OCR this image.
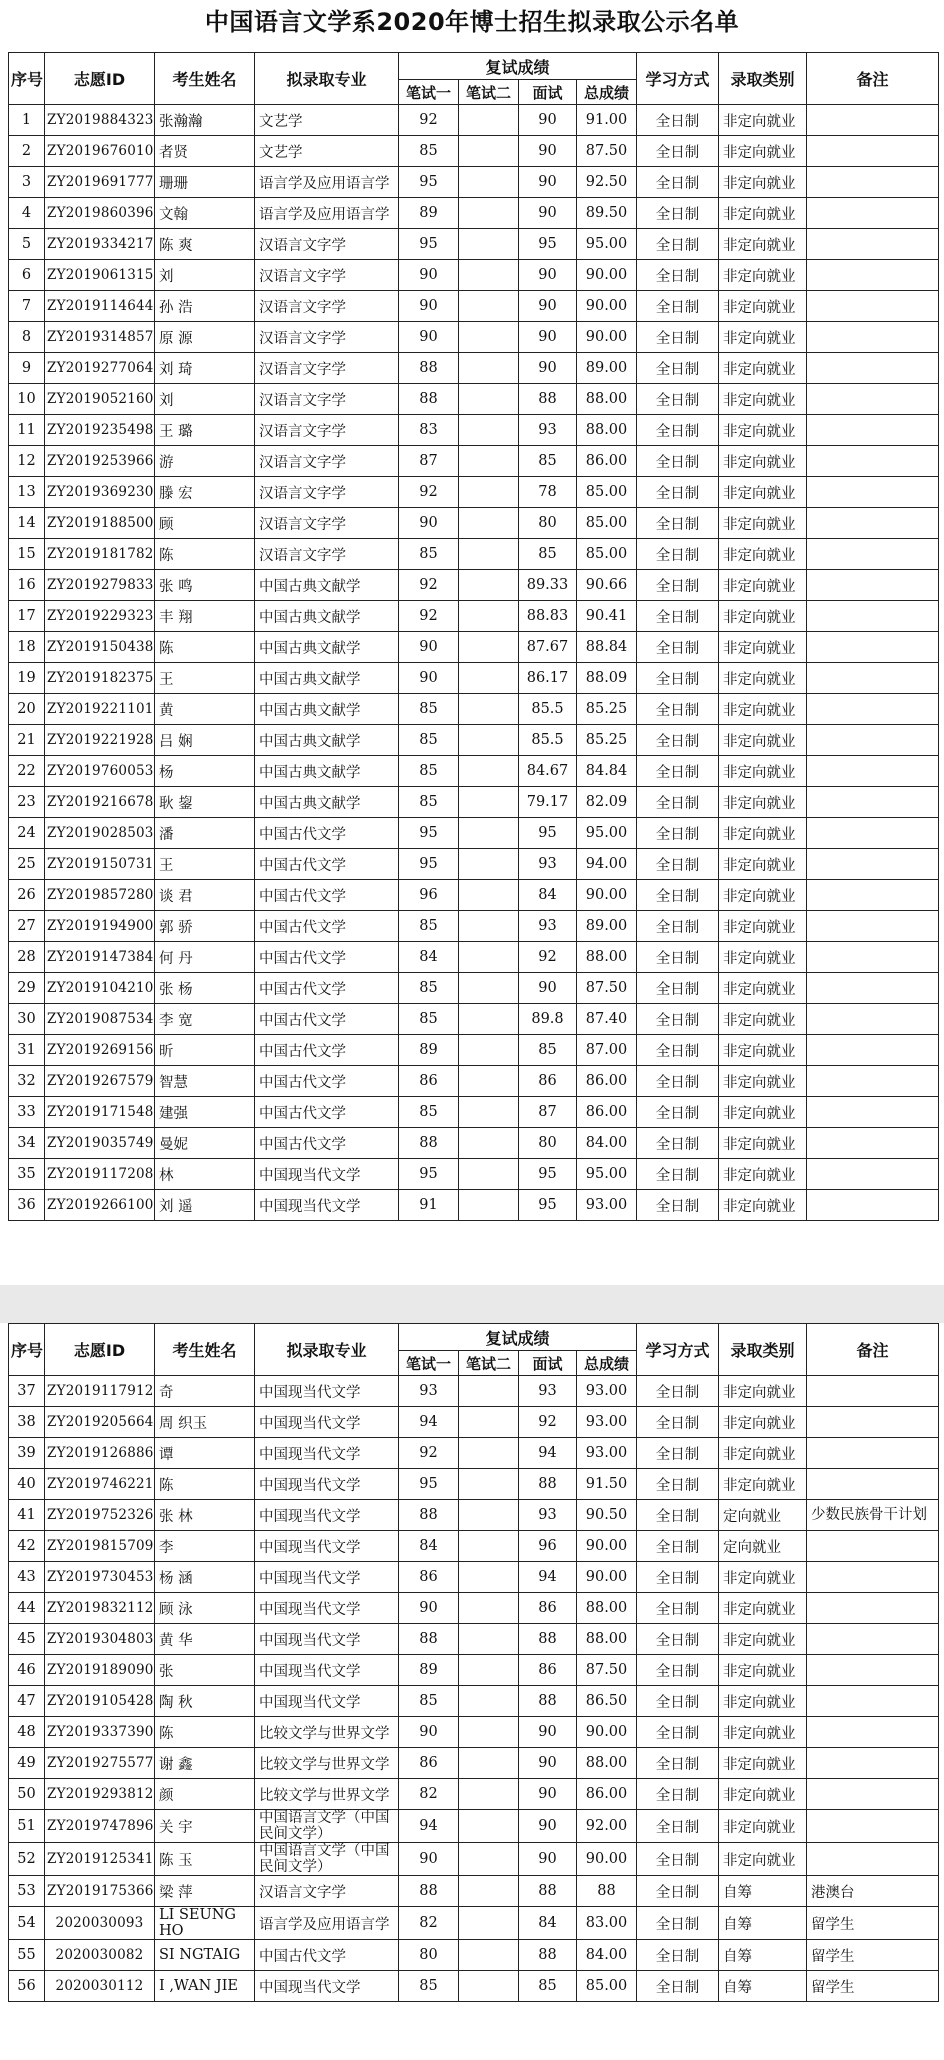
中国语言文学系2020年博士招生拟录取公示名单
序号	志愿ID	考生姓名	拟录取专业	复试成绩				学习方式	录取类别	备注
				笔试一	笔试二	面试	总成绩			
1	ZY2019884323	张瀚瀚	文艺学	92		90	91.00	全日制	非定向就业	
2	ZY2019676010	者贤	文艺学	85		90	87.50	全日制	非定向就业	
3	ZY2019691777	珊珊	语言学及应用语言学	95		90	92.50	全日制	非定向就业	
4	ZY2019860396	文翰	语言学及应用语言学	89		90	89.50	全日制	非定向就业	
5	ZY2019334217	陈 爽	汉语言文字学	95		95	95.00	全日制	非定向就业	
6	ZY2019061315	刘	汉语言文字学	90		90	90.00	全日制	非定向就业	
7	ZY2019114644	孙 浩	汉语言文字学	90		90	90.00	全日制	非定向就业	
8	ZY2019314857	原 源	汉语言文字学	90		90	90.00	全日制	非定向就业	
9	ZY2019277064	刘 琦	汉语言文字学	88		90	89.00	全日制	非定向就业	
10	ZY2019052160	刘	汉语言文字学	88		88	88.00	全日制	非定向就业	
11	ZY2019235498	王 璐	汉语言文字学	83		93	88.00	全日制	非定向就业	
12	ZY2019253966	游	汉语言文字学	87		85	86.00	全日制	非定向就业	
13	ZY2019369230	滕 宏	汉语言文字学	92		78	85.00	全日制	非定向就业	
14	ZY2019188500	顾	汉语言文字学	90		80	85.00	全日制	非定向就业	
15	ZY2019181782	陈	汉语言文字学	85		85	85.00	全日制	非定向就业	
16	ZY2019279833	张 鸣	中国古典文献学	92		89.33	90.66	全日制	非定向就业	
17	ZY2019229323	丰 翔	中国古典文献学	92		88.83	90.41	全日制	非定向就业	
18	ZY2019150438	陈	中国古典文献学	90		87.67	88.84	全日制	非定向就业	
19	ZY2019182375	王	中国古典文献学	90		86.17	88.09	全日制	非定向就业	
20	ZY2019221101	黄	中国古典文献学	85		85.5	85.25	全日制	非定向就业	
21	ZY2019221928	吕 娴	中国古典文献学	85		85.5	85.25	全日制	非定向就业	
22	ZY2019760053	杨	中国古典文献学	85		84.67	84.84	全日制	非定向就业	
23	ZY2019216678	耿 鋆	中国古典文献学	85		79.17	82.09	全日制	非定向就业	
24	ZY2019028503	潘	中国古代文学	95		95	95.00	全日制	非定向就业	
25	ZY2019150731	王	中国古代文学	95		93	94.00	全日制	非定向就业	
26	ZY2019857280	谈 君	中国古代文学	96		84	90.00	全日制	非定向就业	
27	ZY2019194900	郭 骄	中国古代文学	85		93	89.00	全日制	非定向就业	
28	ZY2019147384	何 丹	中国古代文学	84		92	88.00	全日制	非定向就业	
29	ZY2019104210	张 杨	中国古代文学	85		90	87.50	全日制	非定向就业	
30	ZY2019087534	李 宽	中国古代文学	85		89.8	87.40	全日制	非定向就业	
31	ZY2019269156	昕	中国古代文学	89		85	87.00	全日制	非定向就业	
32	ZY2019267579	智慧	中国古代文学	86		86	86.00	全日制	非定向就业	
33	ZY2019171548	建强	中国古代文学	85		87	86.00	全日制	非定向就业	
34	ZY2019035749	曼妮	中国古代文学	88		80	84.00	全日制	非定向就业	
35	ZY2019117208	林	中国现当代文学	95		95	95.00	全日制	非定向就业	
36	ZY2019266100	刘 遥	中国现当代文学	91		95	93.00	全日制	非定向就业	
序号	志愿ID	考生姓名	拟录取专业	复试成绩				学习方式	录取类别	备注
				笔试一	笔试二	面试	总成绩			
37	ZY2019117912	奇	中国现当代文学	93		93	93.00	全日制	非定向就业	
38	ZY2019205664	周 织玉	中国现当代文学	94		92	93.00	全日制	非定向就业	
39	ZY2019126886	谭	中国现当代文学	92		94	93.00	全日制	非定向就业	
40	ZY2019746221	陈	中国现当代文学	95		88	91.50	全日制	非定向就业	
41	ZY2019752326	张 林	中国现当代文学	88		93	90.50	全日制	定向就业	少数民族骨干计划
42	ZY2019815709	李	中国现当代文学	84		96	90.00	全日制	定向就业	
43	ZY2019730453	杨 涵	中国现当代文学	86		94	90.00	全日制	非定向就业	
44	ZY2019832112	顾 泳	中国现当代文学	90		86	88.00	全日制	非定向就业	
45	ZY2019304803	黄 华	中国现当代文学	88		88	88.00	全日制	非定向就业	
46	ZY2019189090	张	中国现当代文学	89		86	87.50	全日制	非定向就业	
47	ZY2019105428	陶 秋	中国现当代文学	85		88	86.50	全日制	非定向就业	
48	ZY2019337390	陈	比较文学与世界文学	90		90	90.00	全日制	非定向就业	
49	ZY2019275577	谢 鑫	比较文学与世界文学	86		90	88.00	全日制	非定向就业	
50	ZY2019293812	颜	比较文学与世界文学	82		90	86.00	全日制	非定向就业	
51	ZY2019747896	关 宇	中国语言文学（中国民间文学）	94		90	92.00	全日制	非定向就业	
52	ZY2019125341	陈 玉	中国语言文学（中国民间文学）	90		90	90.00	全日制	非定向就业	
53	ZY2019175366	梁 萍	汉语言文字学	88		88	88	全日制	自筹	港澳台
54	2020030093	LI SEUNG HO	语言学及应用语言学	82		84	83.00	全日制	自筹	留学生
55	2020030082	SI NGTAIG	中国古代文学	80		88	84.00	全日制	自筹	留学生
56	2020030112	I ,WAN JIE	中国现当代文学	85		85	85.00	全日制	自筹	留学生
